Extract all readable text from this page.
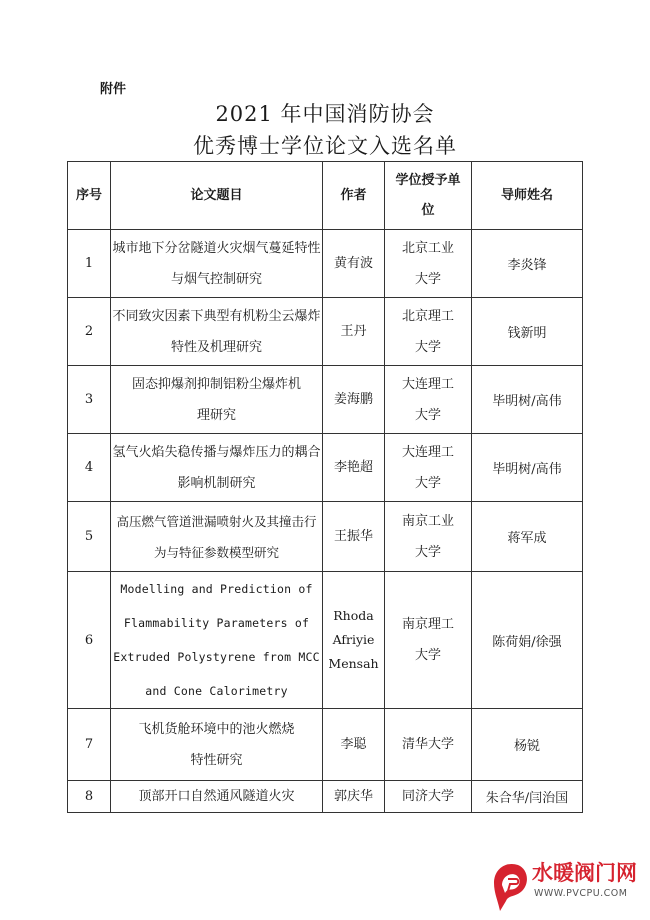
附件
2021 年中国消防协会
优秀博士学位论文入选名单
序号	论文题目	作者	学位授予单位	导师姓名
1	城市地下分岔隧道火灾烟气蔓延特性与烟气控制研究	黄有波	北京工业大学	李炎锋
2	不同致灾因素下典型有机粉尘云爆炸特性及机理研究	王丹	北京理工大学	钱新明
3	固态抑爆剂抑制铝粉尘爆炸机理研究	姜海鹏	大连理工大学	毕明树/高伟
4	氢气火焰失稳传播与爆炸压力的耦合影响机制研究	李艳超	大连理工大学	毕明树/高伟
5	高压燃气管道泄漏喷射火及其撞击行为与特征参数模型研究	王振华	南京工业大学	蒋军成
6	Modelling and Prediction of Flammability Parameters of Extruded Polystyrene from MCC and Cone Calorimetry	Rhoda Afriyie Mensah	南京理工大学	陈荷娟/徐强
7	飞机货舱环境中的池火燃烧特性研究	李聪	清华大学	杨锐
8	顶部开口自然通风隧道火灾	郭庆华	同济大学	朱合华/闫治国
水暖阀门网
WWW.PVCPU.COM
